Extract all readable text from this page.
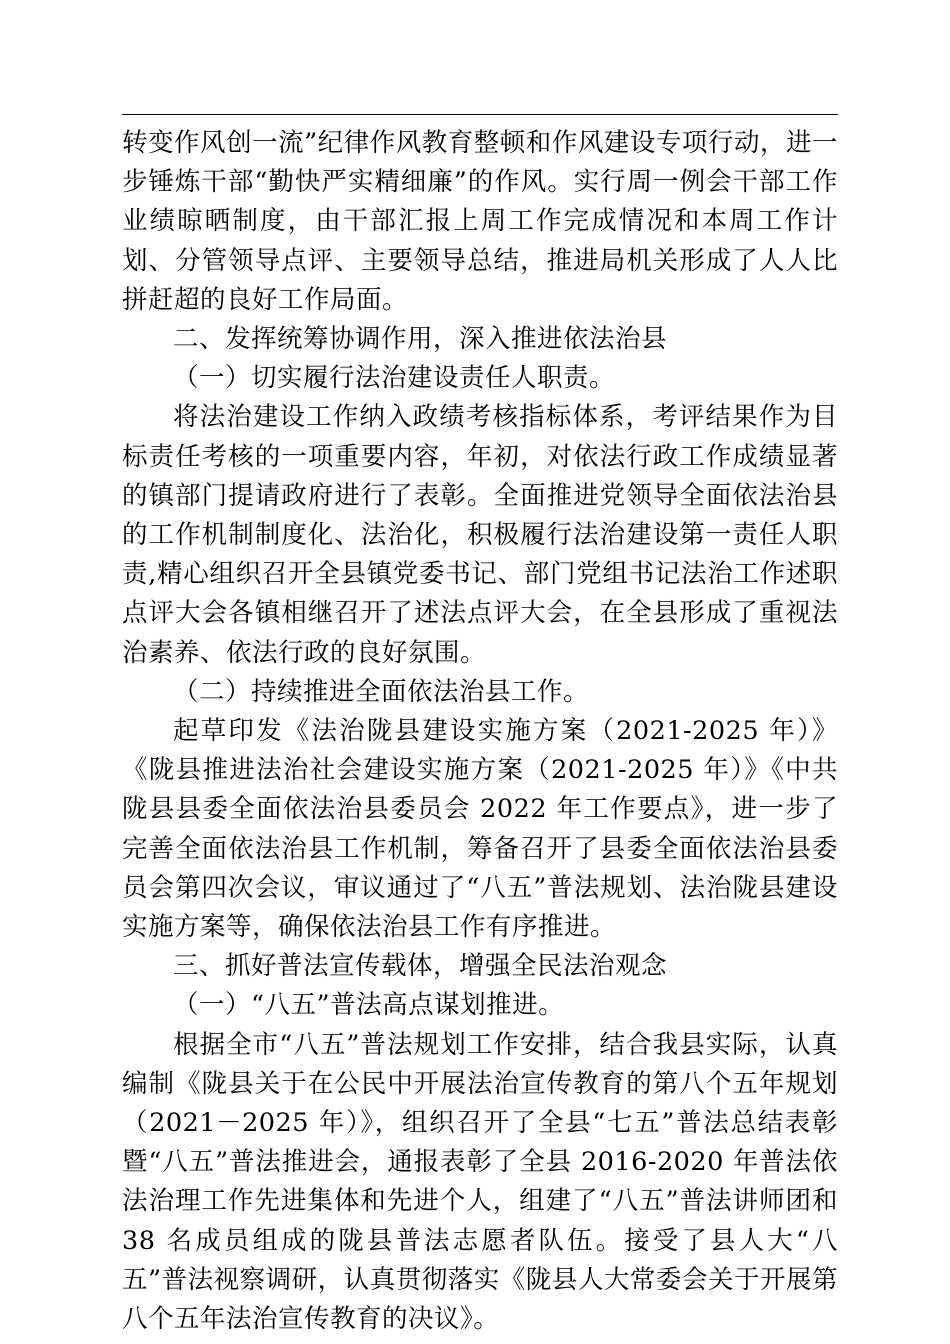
转变作风创一流”纪律作风教育整顿和作风建设专项行动，进一步锤炼干部“勤快严实精细廉”的作风。实行周一例会干部工作业绩晾晒制度，由干部汇报上周工作完成情况和本周工作计划、分管领导点评、主要领导总结，推进局机关形成了人人比拼赶超的良好工作局面。

二、发挥统筹协调作用，深入推进依法治县

（一）切实履行法治建设责任人职责。

将法治建设工作纳入政绩考核指标体系，考评结果作为目标责任考核的一项重要内容，年初，对依法行政工作成绩显著的镇部门提请政府进行了表彰。全面推进党领导全面依法治县的工作机制制度化、法治化，积极履行法治建设第一责任人职责,精心组织召开全县镇党委书记、部门党组书记法治工作述职点评大会各镇相继召开了述法点评大会，在全县形成了重视法治素养、依法行政的良好氛围。

（二）持续推进全面依法治县工作。

起草印发《法治陇县建设实施方案（2021-2025 年）》《陇县推进法治社会建设实施方案（2021-2025 年）》《中共陇县县委全面依法治县委员会 2022 年工作要点》，进一步了完善全面依法治县工作机制，筹备召开了县委全面依法治县委员会第四次会议，审议通过了“八五”普法规划、法治陇县建设实施方案等，确保依法治县工作有序推进。

三、抓好普法宣传载体，增强全民法治观念

（一）“八五”普法高点谋划推进。

根据全市“八五”普法规划工作安排，结合我县实际，认真编制《陇县关于在公民中开展法治宣传教育的第八个五年规划（2021－2025 年）》，组织召开了全县“七五”普法总结表彰暨“八五”普法推进会，通报表彰了全县 2016-2020 年普法依法治理工作先进集体和先进个人，组建了“八五”普法讲师团和 38 名成员组成的陇县普法志愿者队伍。接受了县人大“八五”普法视察调研，认真贯彻落实《陇县人大常委会关于开展第八个五年法治宣传教育的决议》。
